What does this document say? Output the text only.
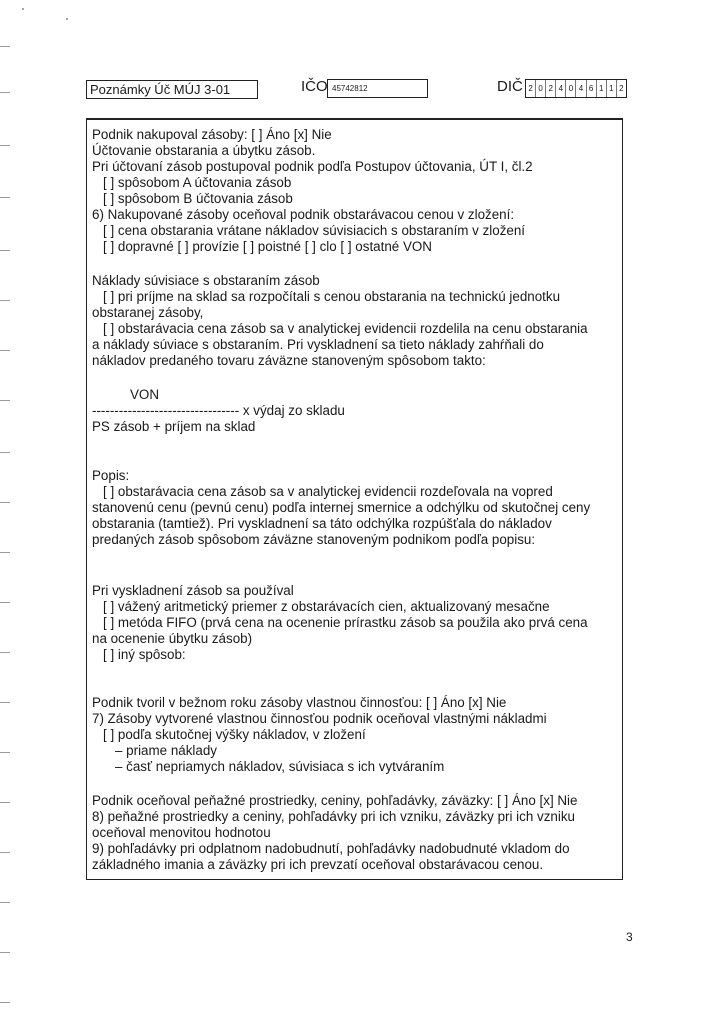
Poznámky Úč MÚJ 3-01	IČO 45742812	DIČ 2 0 2 4 0 4 6 1 1 2
Podnik nakupoval zásoby: [ ] Áno [x] Nie
Účtovanie obstarania a úbytku zásob.
Pri účtovaní zásob postupoval podnik podľa Postupov účtovania, ÚT I, čl.2
[ ] spôsobom A účtovania zásob
[ ] spôsobom B účtovania zásob
6) Nakupované zásoby oceňoval podnik obstarávacou cenou v zložení:
[ ] cena obstarania vrátane nákladov súvisiacich s obstaraním v zložení
[ ] dopravné [ ] provízie [ ] poistné [ ] clo [ ] ostatné VON
Náklady súvisiace s obstaraním zásob
[ ] pri príjme na sklad sa rozpočítali s cenou obstarania na technickú jednotku
obstaranej zásoby,
[ ] obstarávacia cena zásob sa v analytickej evidencii rozdelila na cenu obstarania
a náklady súviace s obstaraním. Pri vyskladnení sa tieto náklady zahŕňali do
nákladov predaného tovaru záväzne stanoveným spôsobom takto:
VON
--------------------------------- x výdaj zo skladu
PS zásob + príjem na sklad
Popis:
[ ] obstarávacia cena zásob sa v analytickej evidencii rozdeľovala na vopred
stanovenú cenu (pevnú cenu) podľa internej smernice a odchýlku od skutočnej ceny
obstarania (tamtiež). Pri vyskladnení sa táto odchýlka rozpúšťala do nákladov
predaných zásob spôsobom záväzne stanoveným podnikom podľa popisu:
Pri vyskladnení zásob sa používal
[ ] vážený aritmetický priemer z obstarávacích cien, aktualizovaný mesačne
[ ] metóda FIFO (prvá cena na ocenenie prírastku zásob sa použila ako prvá cena
na ocenenie úbytku zásob)
[ ] iný spôsob:
Podnik tvoril v bežnom roku zásoby vlastnou činnosťou: [ ] Áno [x] Nie
7) Zásoby vytvorené vlastnou činnosťou podnik oceňoval vlastnými nákladmi
[ ] podľa skutočnej výšky nákladov, v zložení
– priame náklady
– časť nepriamych nákladov, súvisiaca s ich vytváraním
Podnik oceňoval peňažné prostriedky, ceniny, pohľadávky, záväzky: [ ] Áno [x] Nie
8) peňažné prostriedky a ceniny, pohľadávky pri ich vzniku, záväzky pri ich vzniku
oceňoval menovitou hodnotou
9) pohľadávky pri odplatnom nadobudnutí, pohľadávky nadobudnuté vkladom do
základného imania a záväzky pri ich prevzatí oceňoval obstarávacou cenou.
3
